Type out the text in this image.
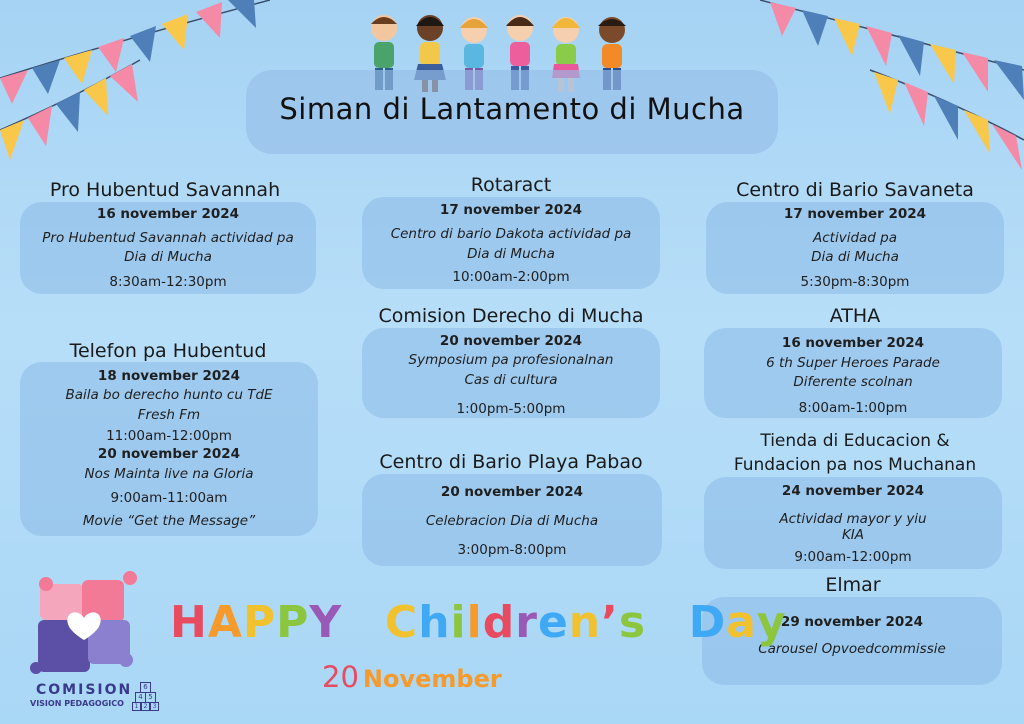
Siman di Lantamento di Mucha
Pro Hubentud Savannah
16 november 2024
Pro Hubentud Savannah actividad pa
Dia di Mucha
8:30am-12:30pm
Telefon pa Hubentud
18 november 2024
Baila bo derecho hunto cu TdE
Fresh Fm
11:00am-12:00pm
20 november 2024
Nos Mainta live na Gloria
9:00am-11:00am
Movie “Get the Message”
Rotaract
17 november 2024
Centro di bario Dakota actividad pa
Dia di Mucha
10:00am-2:00pm
Comision Derecho di Mucha
20 november 2024
Symposium pa profesionalnan
Cas di cultura
1:00pm-5:00pm
Centro di Bario Playa Pabao
20 november 2024
Celebracion Dia di Mucha
3:00pm-8:00pm
Centro di Bario Savaneta
17 november 2024
Actividad pa
Dia di Mucha
5:30pm-8:30pm
ATHA
16 november 2024
6 th Super Heroes Parade
Diferente scolnan
8:00am-1:00pm
Tienda di Educacion &
Fundacion pa nos Muchanan
24 november 2024
Actividad mayor y yiu
KIA
9:00am-12:00pm
Elmar
29 november 2024
Carousel Opvoedcommissie
HAPPY Children’s Day
20 November
COMISION
VISION PEDAGOGICO
6
4 5
1 2 3
